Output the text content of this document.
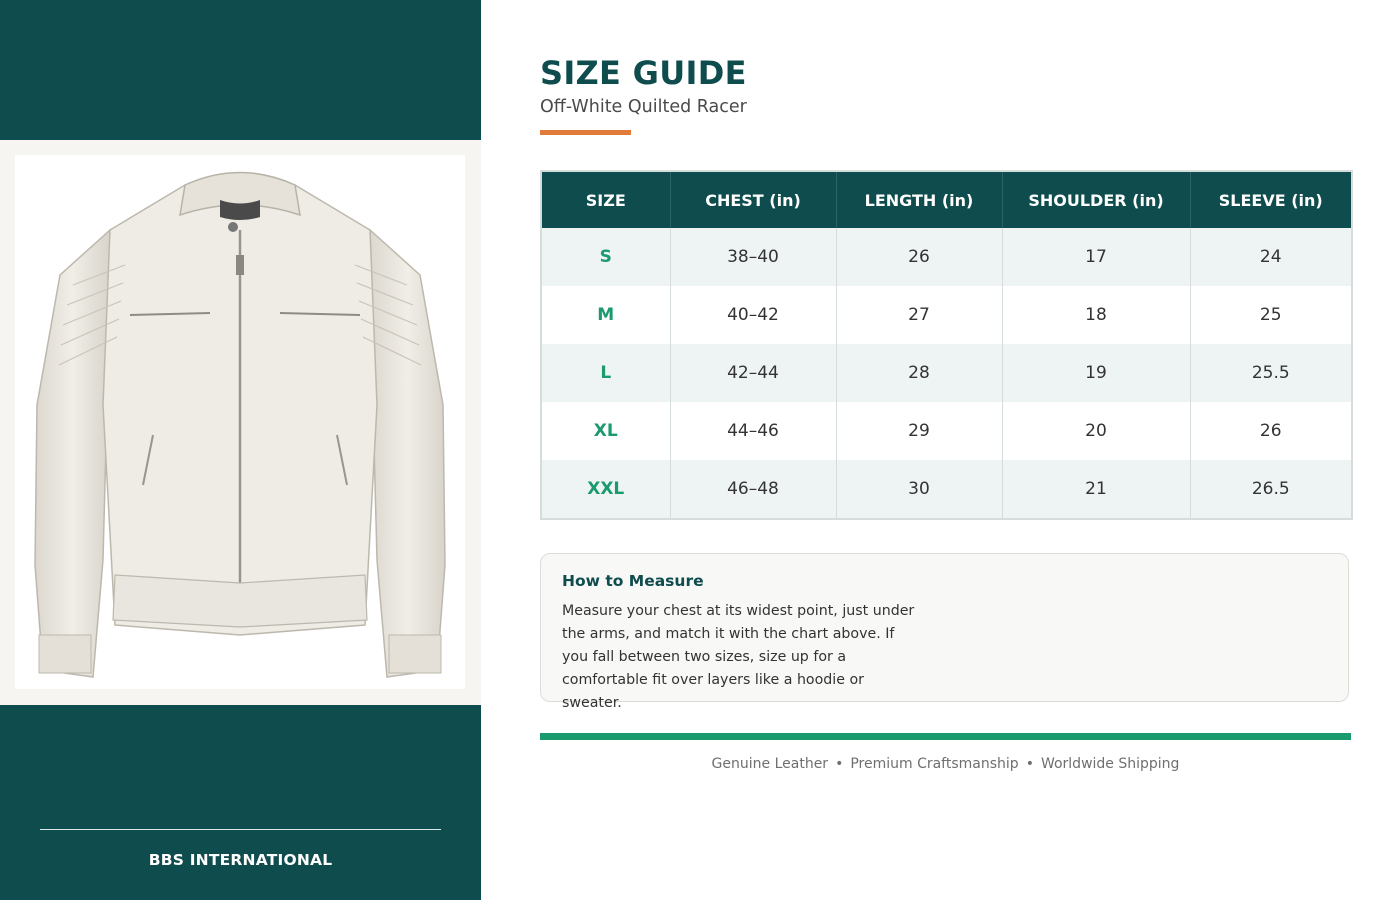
BBS INTERNATIONAL
SIZE GUIDE
Off-White Quilted Racer
SIZE	CHEST (in)	LENGTH (in)	SHOULDER (in)	SLEEVE (in)
S	38–40	26	17	24
M	40–42	27	18	25
L	42–44	28	19	25.5
XL	44–46	29	20	26
XXL	46–48	30	21	26.5
How to Measure
Measure your chest at its widest point, just under the arms, and match it with the chart above. If you fall between two sizes, size up for a comfortable fit over layers like a hoodie or sweater.
Genuine Leather • Premium Craftsmanship • Worldwide Shipping
